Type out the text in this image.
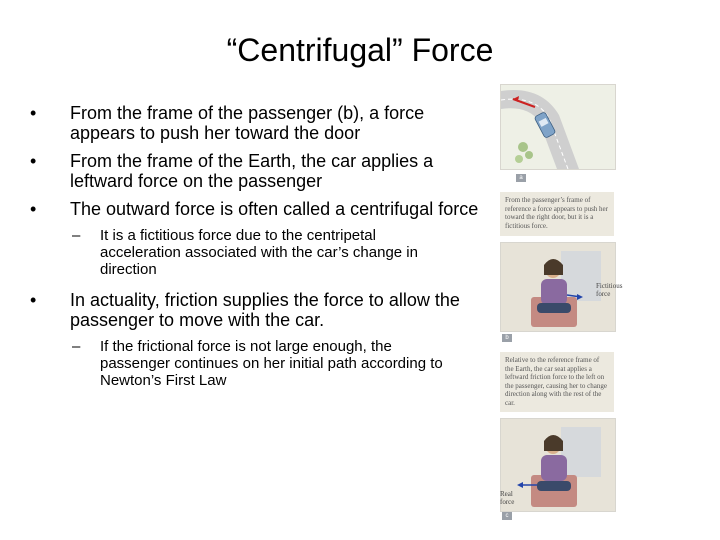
“Centrifugal” Force
•	From the frame of the passenger (b), a force appears to push her toward the door
•	From the frame of the Earth, the car applies a leftward force on the passenger
•	The outward force is often called a centrifugal force
–	It is a fictitious force due to the centripetal acceleration associated with the car’s change in direction
•	In actuality, friction supplies the force to allow the passenger to move with the car.
–	If the frictional force is not large enough, the passenger continues on her initial path according to Newton’s First Law
a
From the passenger’s frame of reference a force appears to push her toward the right door, but it is a fictitious force.
Fictitious force
b
Relative to the reference frame of the Earth, the car seat applies a leftward friction force to the left on the passenger, causing her to change direction along with the rest of the car.
Real force
c
